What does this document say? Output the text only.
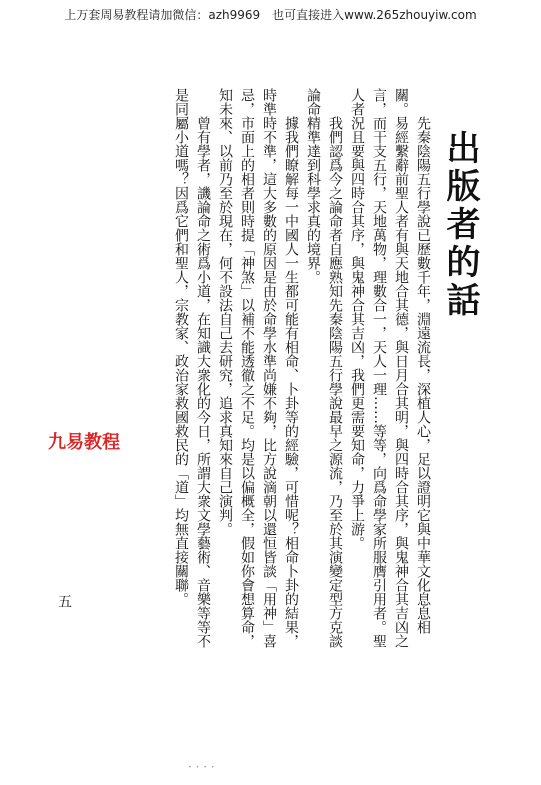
上万套周易教程请加微信：azh9969　也可直接进入www.265zhouyiw.com
出版者的話

先秦陰陽五行學說已歷數千年，淵遠流長，深植人心，足以證明它與中華文化息息相關。易經繫辭前聖人者有與天地合其德，與日月合其明，與四時合其序，與鬼神合其吉凶之言，而干支五行，天地萬物，理數合一，天人一理……等等，向爲命學家所服膺引用者。聖人者況且要與四時合其序，與鬼神合其吉凶，我們更需要知命，力爭上游。

我們認爲今之論命者自應熟知先秦陰陽五行學說最早之源流，乃至於其演變定型方克談論命精準達到科學求真的境界。

據我們瞭解每一中國人一生都可能有相命、卜卦等的經驗，可惜呢？相命卜卦的結果，時準時不準，這大多數的原因是由於命學水準尚嫌不夠，比方說滴朝以還恒皆談「用神」喜忌，市面上的相者則時提「神煞」以補不能透徹之不足。均是以偏概全，假如你會想算命，知未來、以前乃至於現在，何不設法自己去研究，追求真知來自己演判。

曾有學者，譏論命之術爲小道，在知識大衆化的今日，所謂大衆文學藝術、音樂等等不是同屬小道嗎？因爲它們和聖人，宗教家、政治家救國救民的「道」均無直接關聯。

九易教程
五
· · · ·
